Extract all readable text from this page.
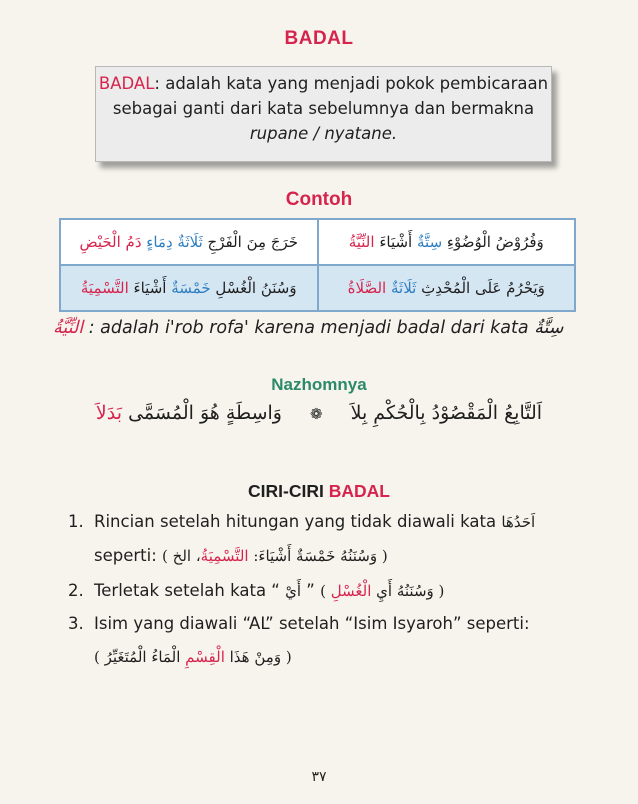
BADAL
BADAL: adalah kata yang menjadi pokok pembicaraan
sebagai ganti dari kata sebelumnya dan bermakna
rupane / nyatane.
Contoh
خَرَجَ مِنَ الْفَرْجِ ثَلَاثَةٌ دِمَاءٍ دَمُ الْحَيْضِ	وَفُرُوْضُ الْوُضُوْءِ سِتَّةٌ أَشْيَاءَ النِّيَّةُ
وَسُنَنُ الْغُسْلِ خَمْسَةٌ أَشْيَاءَ التَّسْمِيَةُ	وَيَحْرُمُ عَلَى الْمُحْدِثِ ثَلَاثَةٌ الصَّلَاةُ
النِّيَّةُ : adalah i'rob rofa' karena menjadi badal dari kata سِتَّةٌ
Nazhomnya
وَاسِطَةٍ هُوَ الْمُسَمَّى بَدَلاَ	❁ اَلتَّابِعُ الْمَقْصُوْدُ بِالْحُكْمِ بِلاَ
CIRI-CIRI BADAL
1. Rincian setelah hitungan yang tidak diawali kata اَحَدُهَا
seperti:	( وَسُنَنُهُ خَمْسَةٌ أَشْيَاءَ: التَّسْمِيَةُ، الخ )
2. Terletak setelah kata “ أَيْ ”	( وَسُنَنُهُ أَيِ الْغُسْلِ )
3. Isim yang diawali “AL” setelah “Isim Isyaroh” seperti:
( وَمِنْ هَذَا الْقِسْمِ الْمَاءُ الْمُتَغَيِّرُ )
٣٧
